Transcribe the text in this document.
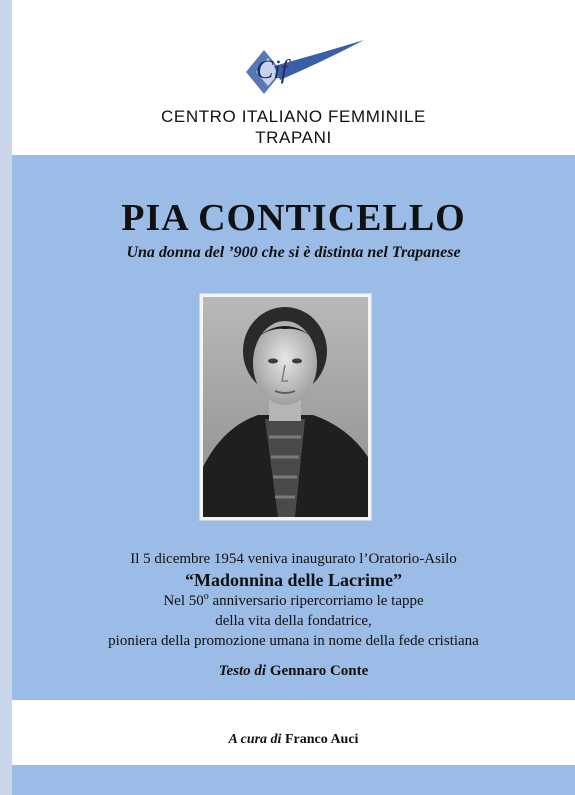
Cif
CENTRO ITALIANO FEMMINILE
TRAPANI
PIA CONTICELLO
Una donna del ’900 che si è distinta nel Trapanese
Il 5 dicembre 1954 veniva inaugurato l’Oratorio-Asilo
“Madonnina delle Lacrime”
Nel 50$^o$ anniversario ripercorriamo le tappe
della vita della fondatrice,
pioniera della promozione umana in nome della fede cristiana
Testo di Gennaro Conte
A cura di Franco Auci
